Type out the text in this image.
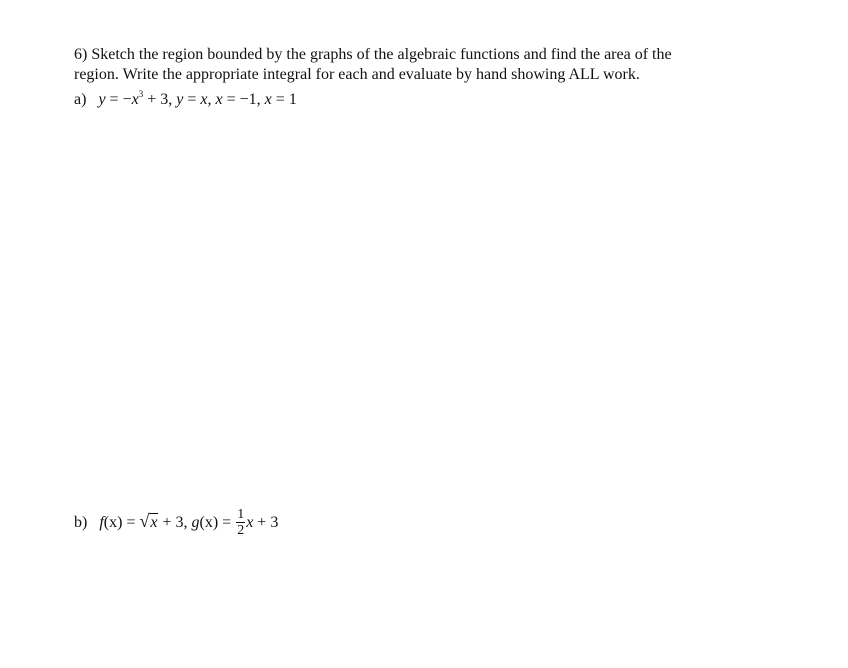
6) Sketch the region bounded by the graphs of the algebraic functions and find the area of the
region. Write the appropriate integral for each and evaluate by hand showing ALL work.
a) $y = -x^3 + 3$, y = x, x = −1, x = 1
b) f(x) = √x + 3, $g(x) = \frac{1}{2}$ x + 3
